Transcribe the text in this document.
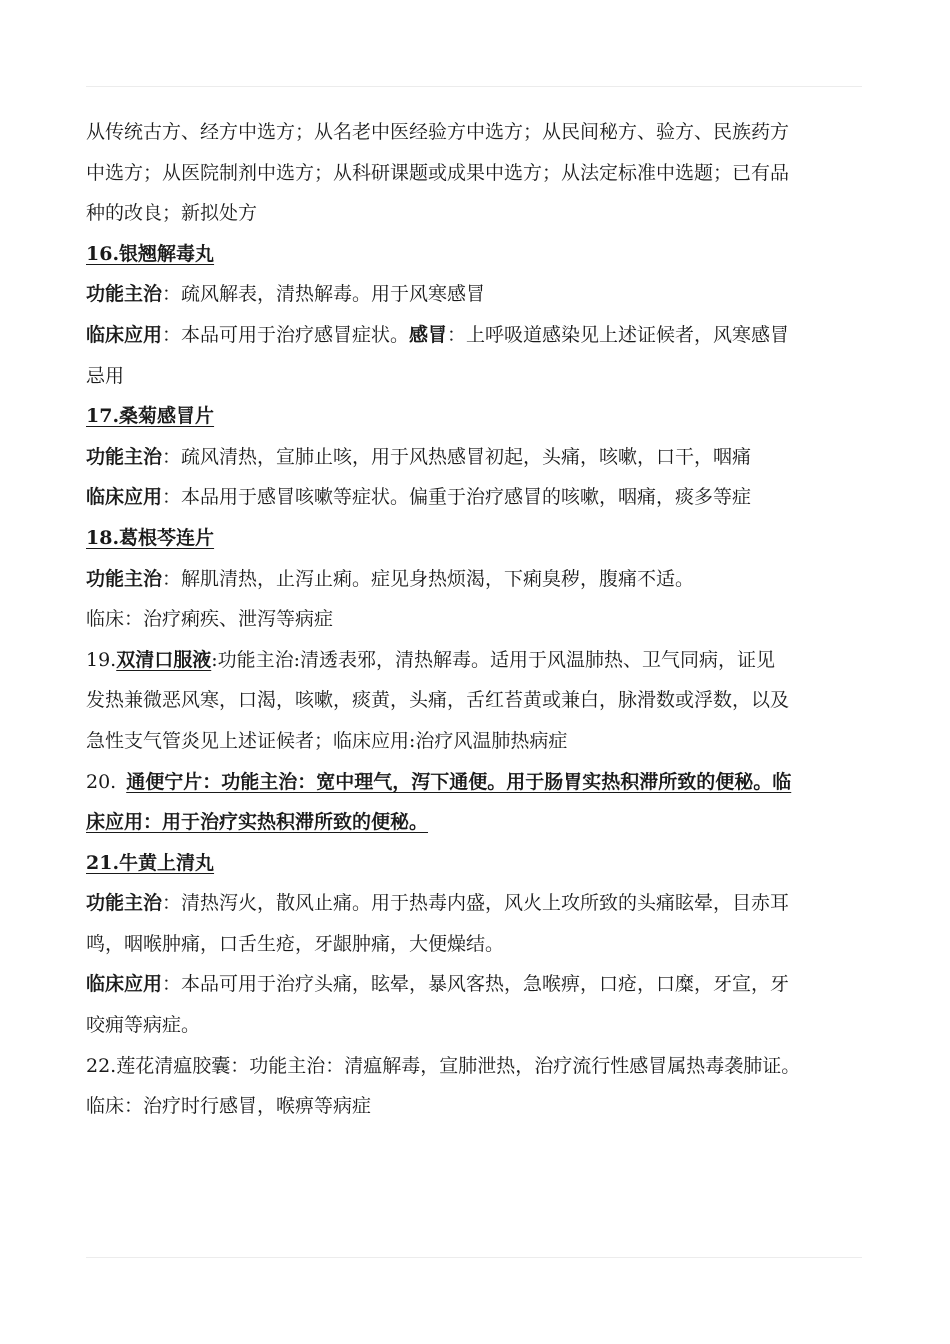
从传统古方、经方中选方；从名老中医经验方中选方；从民间秘方、验方、民族药方
中选方；从医院制剂中选方；从科研课题或成果中选方；从法定标准中选题；已有品
种的改良；新拟处方
16.银翘解毒丸
功能主治：疏风解表，清热解毒。用于风寒感冒
临床应用：本品可用于治疗感冒症状。感冒：上呼吸道感染见上述证候者，风寒感冒
忌用
17.桑菊感冒片
功能主治：疏风清热，宣肺止咳，用于风热感冒初起，头痛，咳嗽，口干，咽痛
临床应用：本品用于感冒咳嗽等症状。偏重于治疗感冒的咳嗽，咽痛，痰多等症
18.葛根芩连片
功能主治：解肌清热，止泻止痢。症见身热烦渴，下痢臭秽，腹痛不适。
临床：治疗痢疾、泄泻等病症
19.双清口服液:功能主治:清透表邪，清热解毒。适用于风温肺热、卫气同病，证见
发热兼微恶风寒，口渴，咳嗽，痰黄，头痛，舌红苔黄或兼白，脉滑数或浮数，以及
急性支气管炎见上述证候者；临床应用:治疗风温肺热病症
20. 通便宁片：功能主治：宽中理气，泻下通便。用于肠胃实热积滞所致的便秘。临
床应用：用于治疗实热积滞所致的便秘。
21.牛黄上清丸
功能主治：清热泻火，散风止痛。用于热毒内盛，风火上攻所致的头痛眩晕，目赤耳
鸣，咽喉肿痛，口舌生疮，牙龈肿痛，大便燥结。
临床应用：本品可用于治疗头痛，眩晕，暴风客热，急喉痹，口疮，口糜，牙宣，牙
咬痈等病症。
22.莲花清瘟胶囊：功能主治：清瘟解毒，宣肺泄热，治疗流行性感冒属热毒袭肺证。
临床：治疗时行感冒，喉痹等病症
